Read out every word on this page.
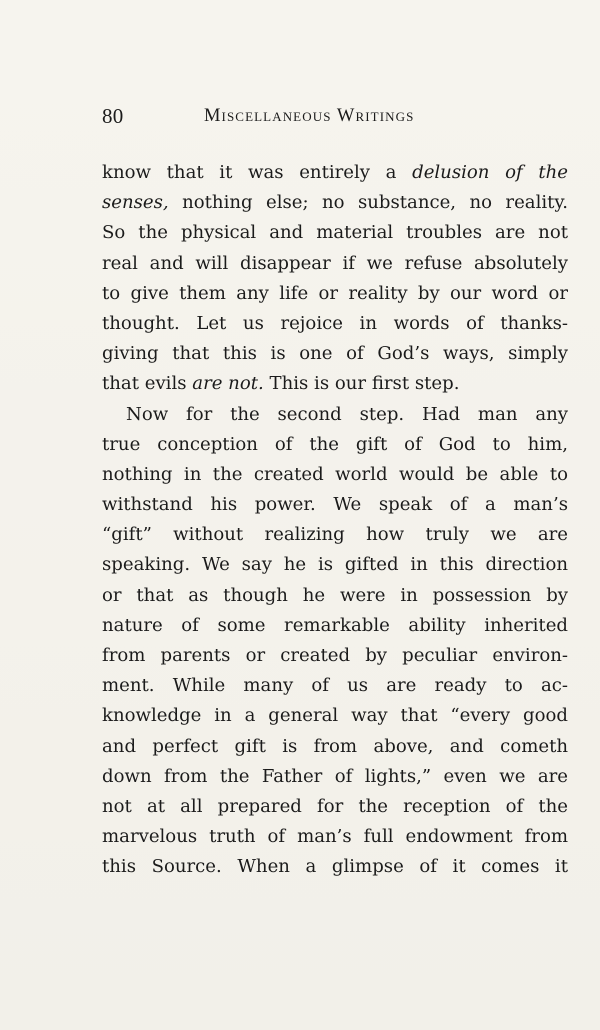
80	Miscellaneous Writings
know that it was entirely a delusion of the
senses, nothing else; no substance, no reality.
So the physical and material troubles are not
real and will disappear if we refuse absolutely
to give them any life or reality by our word or
thought. Let us rejoice in words of thanks-
giving that this is one of God’s ways, simply
that evils are not. This is our first step.
Now for the second step. Had man any
true conception of the gift of God to him,
nothing in the created world would be able to
withstand his power. We speak of a man’s
“gift” without realizing how truly we are
speaking. We say he is gifted in this direction
or that as though he were in possession by
nature of some remarkable ability inherited
from parents or created by peculiar environ-
ment. While many of us are ready to ac-
knowledge in a general way that “every good
and perfect gift is from above, and cometh
down from the Father of lights,” even we are
not at all prepared for the reception of the
marvelous truth of man’s full endowment from
this Source. When a glimpse of it comes it
